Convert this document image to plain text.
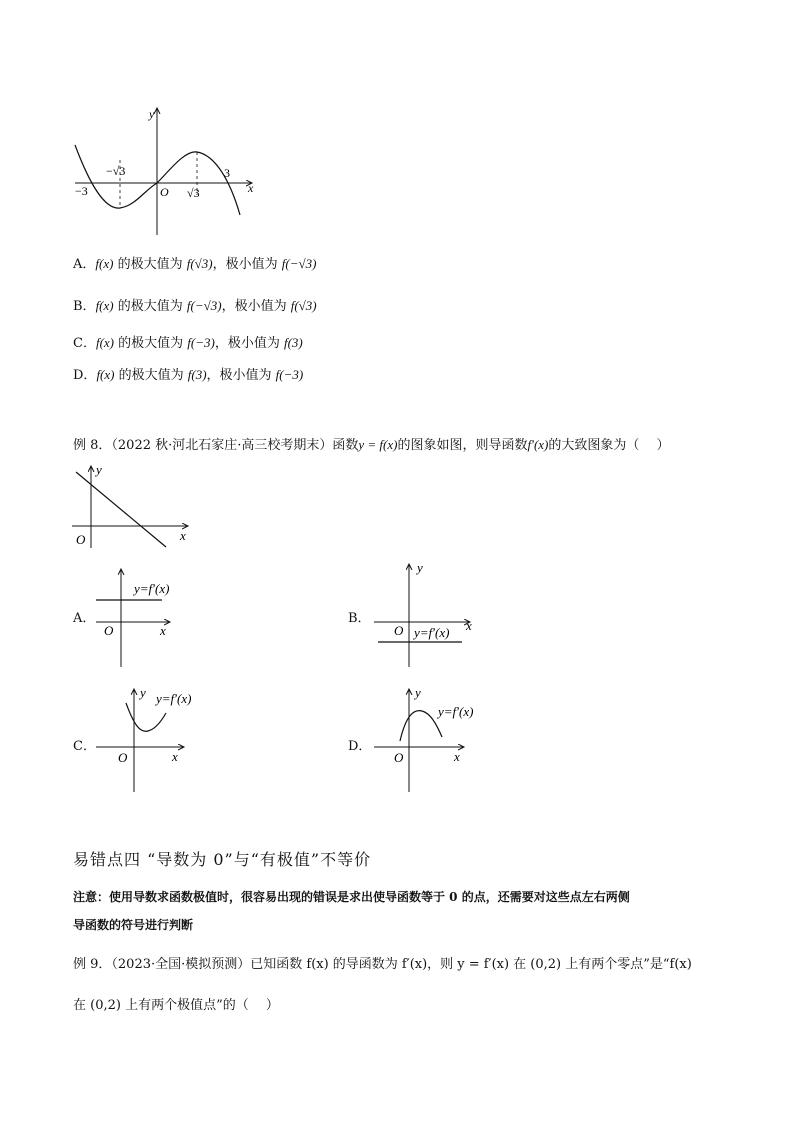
y
x
O
−3
−√3
√3
3
A．f(x) 的极大值为 f(√3)，极小值为 f(−√3)
B．f(x) 的极大值为 f(−√3)，极小值为 f(√3)
C．f(x) 的极大值为 f(−3)，极小值为 f(3)
D．f(x) 的极大值为 f(3)，极小值为 f(−3)
例 8．（2022 秋·河北石家庄·高三校考期末）函数y = f(x)的图象如图，则导函数f′(x)的大致图象为（　 ）
y
x
O
A．
y=f′(x)
x
O
B．
y
y=f′(x) x
O
C．
y y=f′(x)
x
O
D．
y
y=f′(x)
x
O
易错点四 “导数为 0”与“有极值”不等价
注意：使用导数求函数极值时，很容易出现的错误是求出使导函数等于 0 的点，还需要对这些点左右两侧
导函数的符号进行判断
例 9．（2023·全国·模拟预测）已知函数 f(x) 的导函数为 f′(x)，则 y = f′(x) 在 (0,2) 上有两个零点”是“f(x)
在 (0,2) 上有两个极值点”的（　 ）
